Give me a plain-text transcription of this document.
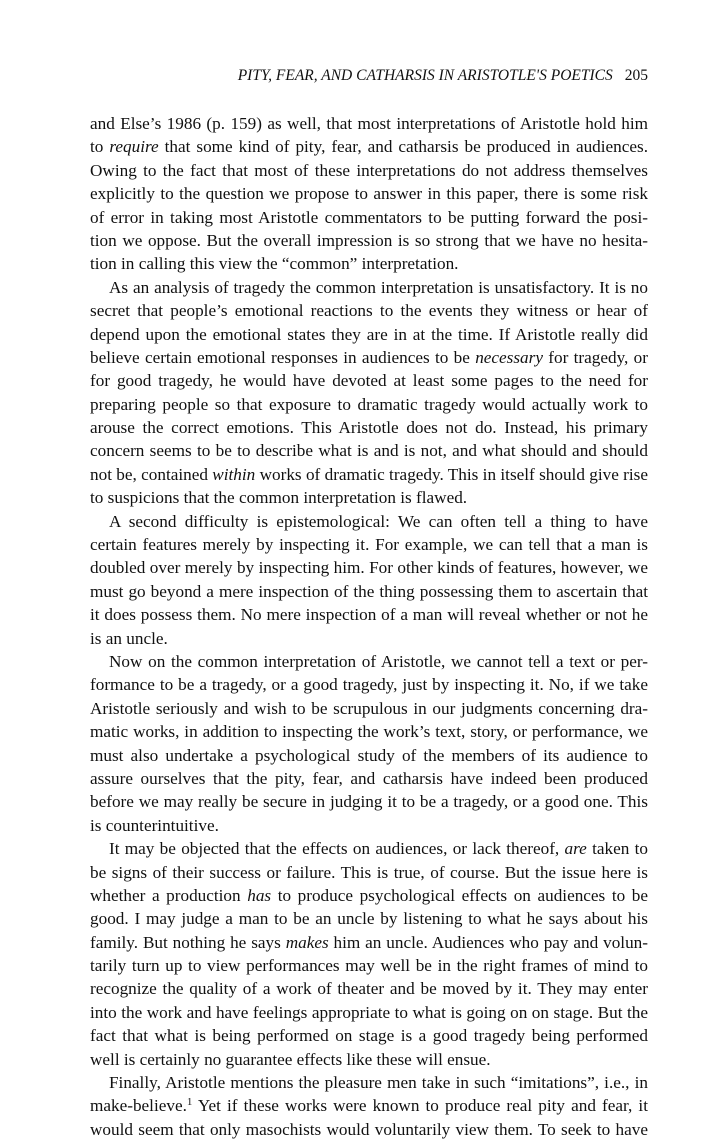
PITY, FEAR, AND CATHARSIS IN ARISTOTLE'S POETICS 205
and Else’s 1986 (p. 159) as well, that most interpretations of Aristotle hold him
to require that some kind of pity, fear, and catharsis be produced in audiences.
Owing to the fact that most of these interpretations do not address themselves
explicitly to the question we propose to answer in this paper, there is some risk
of error in taking most Aristotle commentators to be putting forward the posi-
tion we oppose. But the overall impression is so strong that we have no hesita-
tion in calling this view the “common” interpretation.
As an analysis of tragedy the common interpretation is unsatisfactory. It is no
secret that people’s emotional reactions to the events they witness or hear of
depend upon the emotional states they are in at the time. If Aristotle really did
believe certain emotional responses in audiences to be necessary for tragedy, or
for good tragedy, he would have devoted at least some pages to the need for
preparing people so that exposure to dramatic tragedy would actually work to
arouse the correct emotions. This Aristotle does not do. Instead, his primary
concern seems to be to describe what is and is not, and what should and should
not be, contained within works of dramatic tragedy. This in itself should give rise
to suspicions that the common interpretation is flawed.
A second difficulty is epistemological: We can often tell a thing to have
certain features merely by inspecting it. For example, we can tell that a man is
doubled over merely by inspecting him. For other kinds of features, however, we
must go beyond a mere inspection of the thing possessing them to ascertain that
it does possess them. No mere inspection of a man will reveal whether or not he
is an uncle.
Now on the common interpretation of Aristotle, we cannot tell a text or per-
formance to be a tragedy, or a good tragedy, just by inspecting it. No, if we take
Aristotle seriously and wish to be scrupulous in our judgments concerning dra-
matic works, in addition to inspecting the work’s text, story, or performance, we
must also undertake a psychological study of the members of its audience to
assure ourselves that the pity, fear, and catharsis have indeed been produced
before we may really be secure in judging it to be a tragedy, or a good one. This
is counterintuitive.
It may be objected that the effects on audiences, or lack thereof, are taken to
be signs of their success or failure. This is true, of course. But the issue here is
whether a production has to produce psychological effects on audiences to be
good. I may judge a man to be an uncle by listening to what he says about his
family. But nothing he says makes him an uncle. Audiences who pay and volun-
tarily turn up to view performances may well be in the right frames of mind to
recognize the quality of a work of theater and be moved by it. They may enter
into the work and have feelings appropriate to what is going on on stage. But the
fact that what is being performed on stage is a good tragedy being performed
well is certainly no guarantee effects like these will ensue.
Finally, Aristotle mentions the pleasure men take in such “imitations”, i.e., in
make-believe.$^1$ Yet if these works were known to produce real pity and fear, it
would seem that only masochists would voluntarily view them. To seek to have
